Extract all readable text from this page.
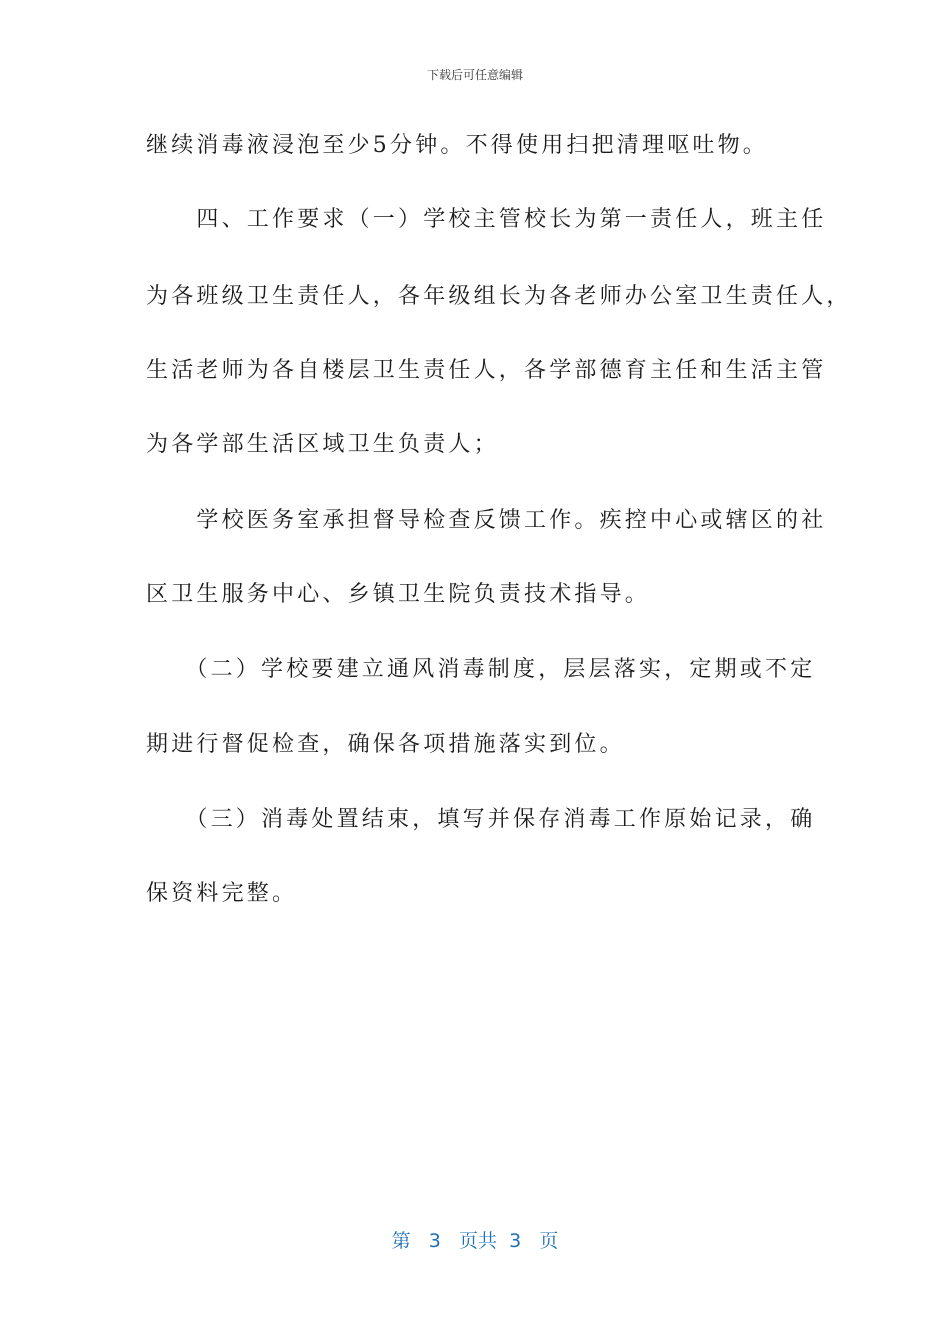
下载后可任意编辑
继续消毒液浸泡至少5分钟。不得使用扫把清理呕吐物。
　　四、工作要求（一）学校主管校长为第一责任人，班主任
为各班级卫生责任人，各年级组长为各老师办公室卫生责任人，
生活老师为各自楼层卫生责任人，各学部德育主任和生活主管
为各学部生活区域卫生负责人；
　　学校医务室承担督导检查反馈工作。疾控中心或辖区的社
区卫生服务中心、乡镇卫生院负责技术指导。
　　（二）学校要建立通风消毒制度，层层落实，定期或不定
期进行督促检查，确保各项措施落实到位。
　　（三）消毒处置结束，填写并保存消毒工作原始记录，确
保资料完整。
第 3 页共 3 页
